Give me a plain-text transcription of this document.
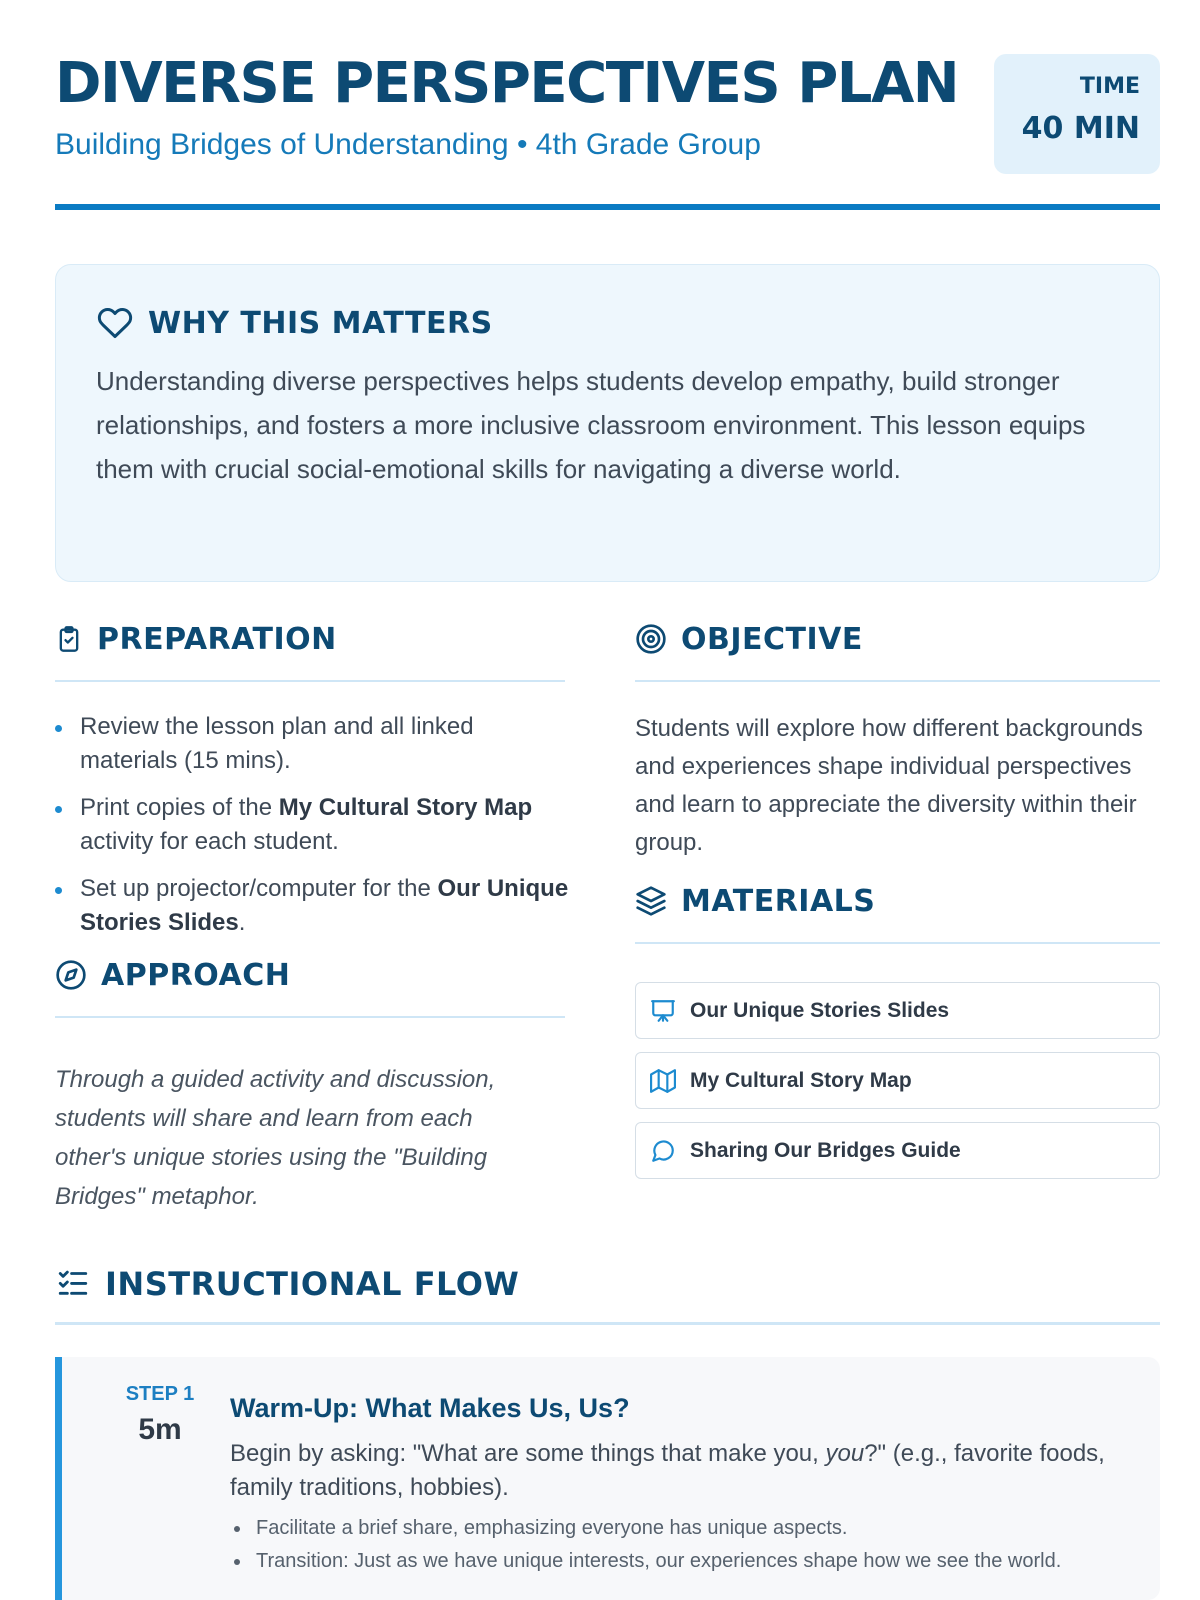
DIVERSE PERSPECTIVES PLAN
Building Bridges of Understanding • 4th Grade Group
TIME
40 MIN
WHY THIS MATTERS

Understanding diverse perspectives helps students develop empathy, build stronger relationships, and fosters a more inclusive classroom environment. This lesson equips them with crucial social-emotional skills for navigating a diverse world.

PREPARATION
Review the lesson plan and all linked materials (15 mins).
Print copies of the My Cultural Story Map activity for each student.
Set up projector/computer for the Our Unique Stories Slides.
APPROACH
Through a guided activity and discussion, students will share and learn from each other's unique stories using the "Building Bridges" metaphor.
OBJECTIVE
Students will explore how different backgrounds and experiences shape individual perspectives and learn to appreciate the diversity within their group.
MATERIALS
Our Unique Stories Slides
My Cultural Story Map
Sharing Our Bridges Guide
INSTRUCTIONAL FLOW
STEP 1
5m
Warm-Up: What Makes Us, Us?
Begin by asking: "What are some things that make you, you?" (e.g., favorite foods, family traditions, hobbies).
Facilitate a brief share, emphasizing everyone has unique aspects.
Transition: Just as we have unique interests, our experiences shape how we see the world.
